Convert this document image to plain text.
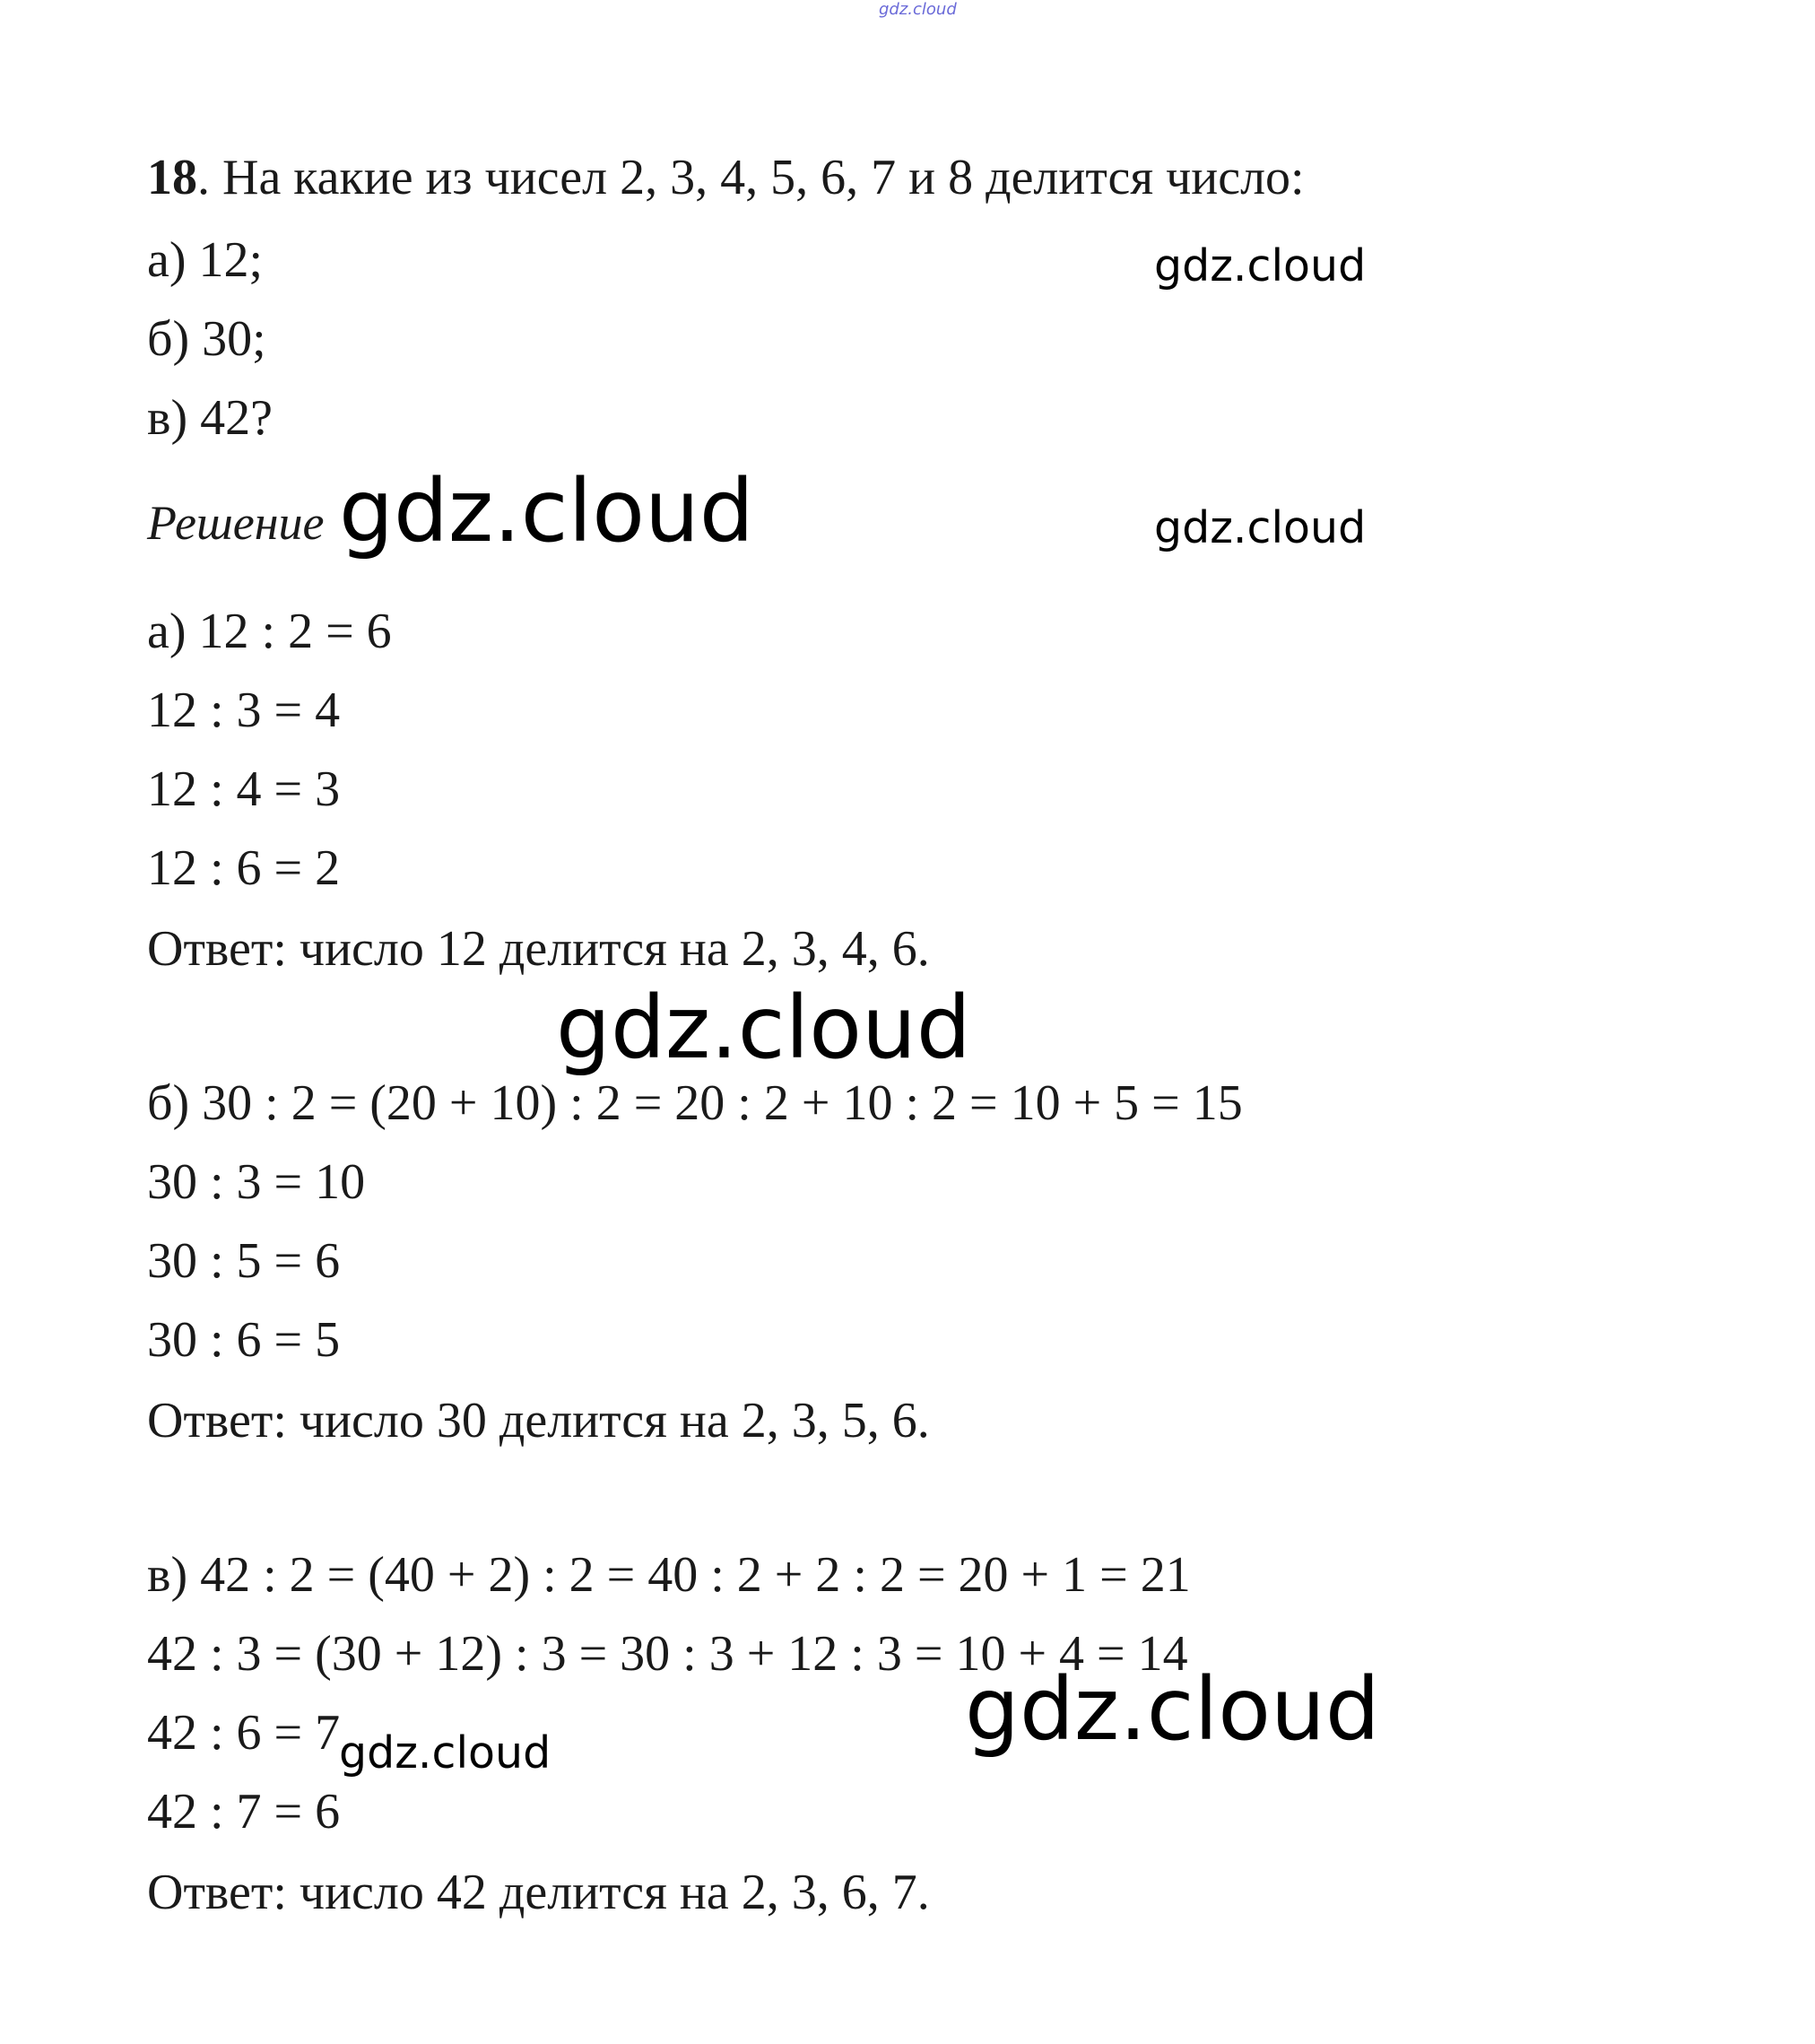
gdz.cloud
18. На какие из чисел 2, 3, 4, 5, 6, 7 и 8 делится число:
а) 12;
б) 30;
в) 42?
Решение
а) 12 : 2 = 6
12 : 3 = 4
12 : 4 = 3
12 : 6 = 2
Ответ: число 12 делится на 2, 3, 4, 6.
б) 30 : 2 = (20 + 10) : 2 = 20 : 2 + 10 : 2 = 10 + 5 = 15
30 : 3 = 10
30 : 5 = 6
30 : 6 = 5
Ответ: число 30 делится на 2, 3, 5, 6.
в) 42 : 2 = (40 + 2) : 2 = 40 : 2 + 2 : 2 = 20 + 1 = 21
42 : 3 = (30 + 12) : 3 = 30 : 3 + 12 : 3 = 10 + 4 = 14
42 : 6 = 7
42 : 7 = 6
Ответ: число 42 делится на 2, 3, 6, 7.
gdz.cloud
gdz.cloud	gdz.cloud
gdz.cloud
gdz.cloud
gdz.cloud
